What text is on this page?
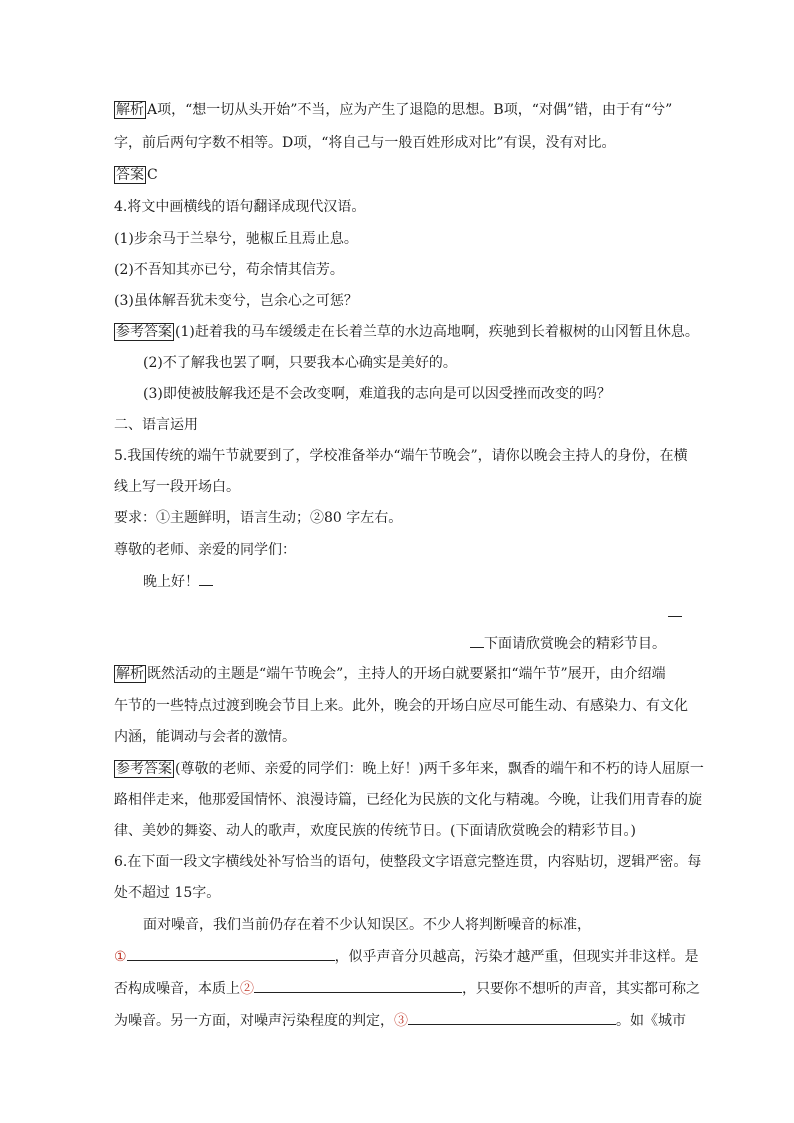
解析 A项，“想一切从头开始”不当，应为产生了退隐的思想。B项，“对偶”错，由于有“兮”
字，前后两句字数不相等。D项，“将自己与一般百姓形成对比”有误，没有对比。
答案 C
4.将文中画横线的语句翻译成现代汉语。
(1)步余马于兰皋兮，驰椒丘且焉止息。
(2)不吾知其亦已兮，苟余情其信芳。
(3)虽体解吾犹未变兮，岂余心之可惩？
参考答案 (1)赶着我的马车缓缓走在长着兰草的水边高地啊，疾驰到长着椒树的山冈暂且休息。
(2)不了解我也罢了啊，只要我本心确实是美好的。
(3)即使被肢解我还是不会改变啊，难道我的志向是可以因受挫而改变的吗？
二、语言运用
5.我国传统的端午节就要到了，学校准备举办“端午节晚会”，请你以晚会主持人的身份，在横
线上写一段开场白。
要求：①主题鲜明，语言生动；②80 字左右。
尊敬的老师、亲爱的同学们：
晚上好！
下面请欣赏晚会的精彩节目。
解析 既然活动的主题是“端午节晚会”，主持人的开场白就要紧扣“端午节”展开，由介绍端
午节的一些特点过渡到晚会节目上来。此外，晚会的开场白应尽可能生动、有感染力、有文化
内涵，能调动与会者的激情。
参考答案 (尊敬的老师、亲爱的同学们：晚上好！)两千多年来，飘香的端午和不朽的诗人屈原一
路相伴走来，他那爱国情怀、浪漫诗篇，已经化为民族的文化与精魂。今晚，让我们用青春的旋
律、美妙的舞姿、动人的歌声，欢度民族的传统节日。(下面请欣赏晚会的精彩节目。)
6.在下面一段文字横线处补写恰当的语句，使整段文字语意完整连贯，内容贴切，逻辑严密。每
处不超过 15字。
面对噪音，我们当前仍存在着不少认知误区。不少人将判断噪音的标准，
①	，似乎声音分贝越高，污染才越严重，但现实并非这样。是
否构成噪音，本质上②	，只要你不想听的声音，其实都可称之
为噪音。另一方面，对噪声污染程度的判定，③	。如《城市
